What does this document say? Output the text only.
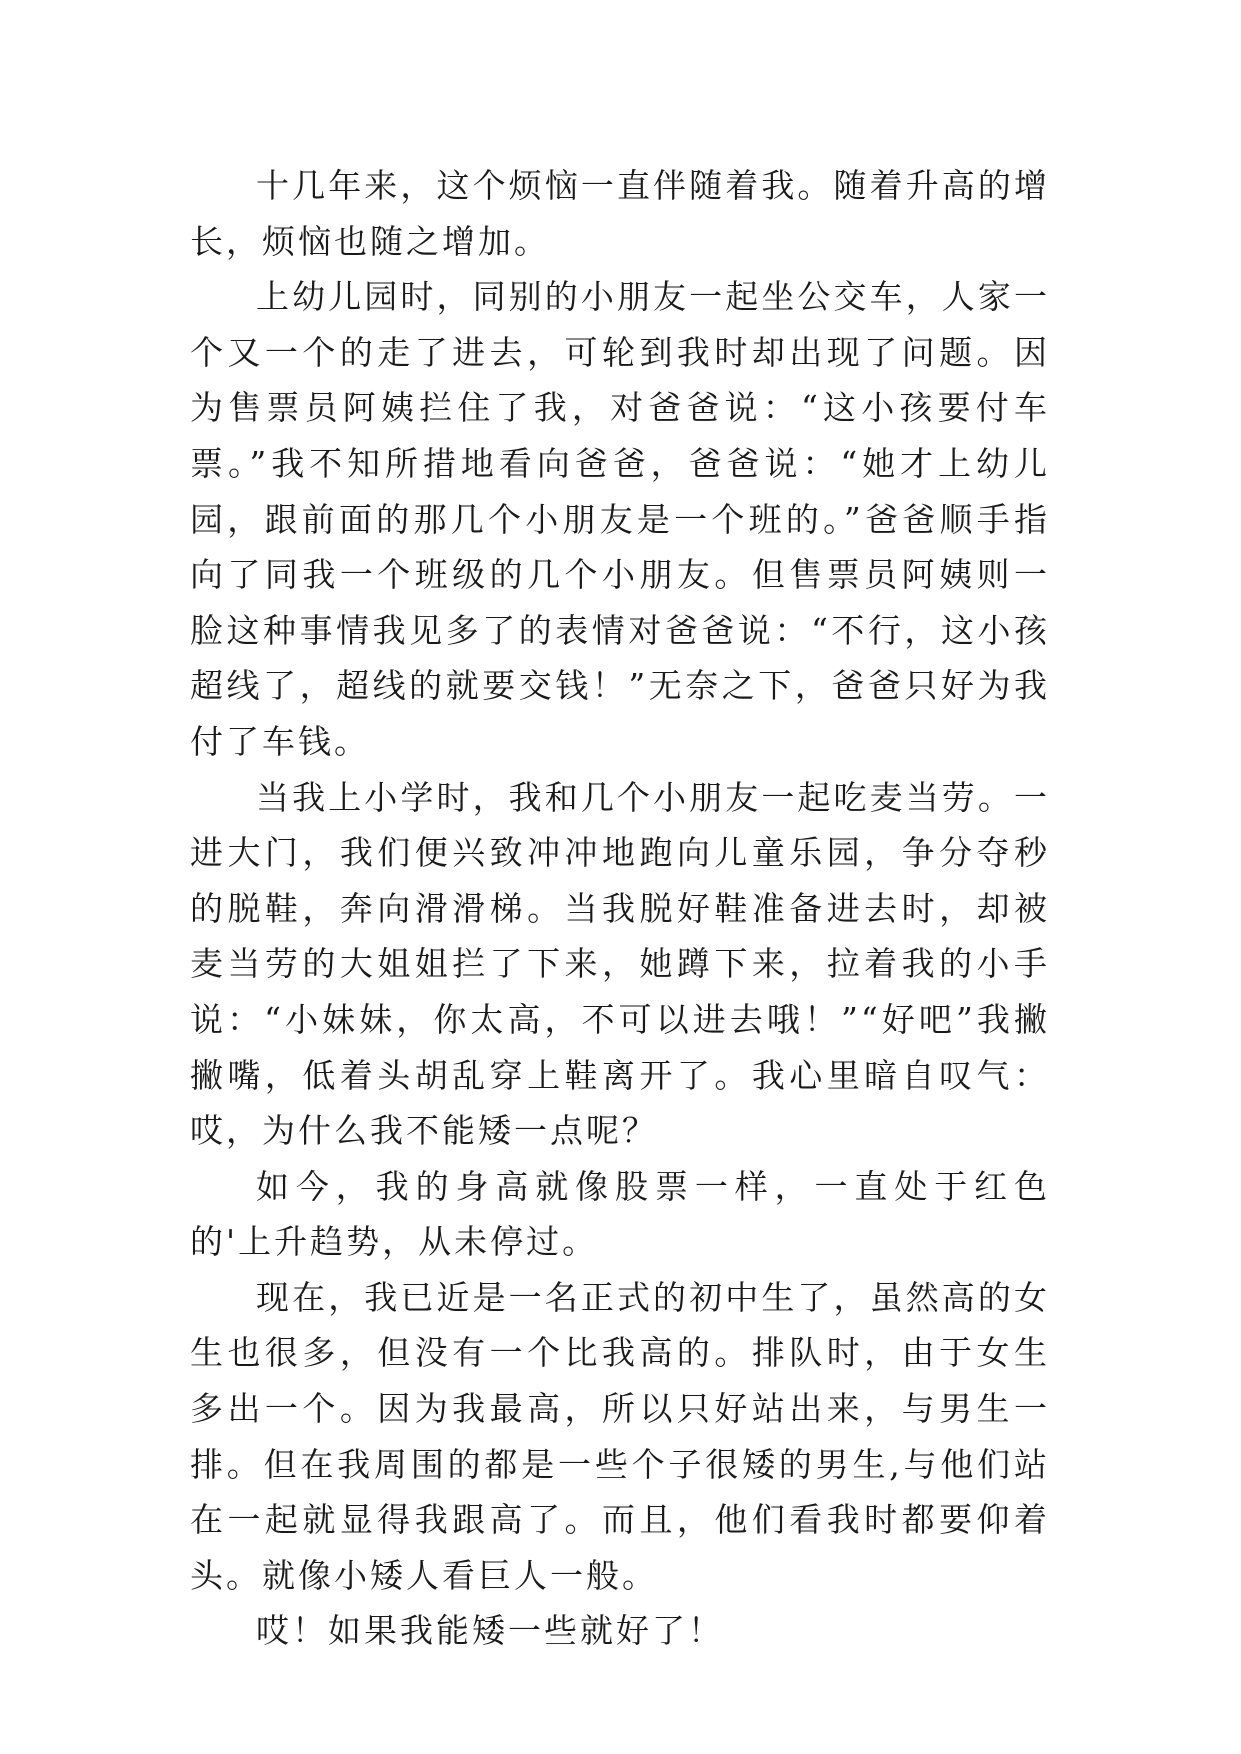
十几年来，这个烦恼一直伴随着我。随着升高的增长，烦恼也随之增加。

上幼儿园时，同别的小朋友一起坐公交车，人家一个又一个的走了进去，可轮到我时却出现了问题。因为售票员阿姨拦住了我，对爸爸说：“这小孩要付车票。”我不知所措地看向爸爸，爸爸说：“她才上幼儿园，跟前面的那几个小朋友是一个班的。”爸爸顺手指向了同我一个班级的几个小朋友。但售票员阿姨则一脸这种事情我见多了的表情对爸爸说：“不行，这小孩超线了，超线的就要交钱！”无奈之下，爸爸只好为我付了车钱。

当我上小学时，我和几个小朋友一起吃麦当劳。一进大门，我们便兴致冲冲地跑向儿童乐园，争分夺秒的脱鞋，奔向滑滑梯。当我脱好鞋准备进去时，却被麦当劳的大姐姐拦了下来，她蹲下来，拉着我的小手说：“小妹妹，你太高，不可以进去哦！”“好吧”我撇撇嘴，低着头胡乱穿上鞋离开了。我心里暗自叹气：哎，为什么我不能矮一点呢？

如今，我的身高就像股票一样，一直处于红色的'上升趋势，从未停过。

现在，我已近是一名正式的初中生了，虽然高的女生也很多，但没有一个比我高的。排队时，由于女生多出一个。因为我最高，所以只好站出来，与男生一排。但在我周围的都是一些个子很矮的男生,与他们站在一起就显得我跟高了。而且，他们看我时都要仰着头。就像小矮人看巨人一般。

哎！如果我能矮一些就好了！
